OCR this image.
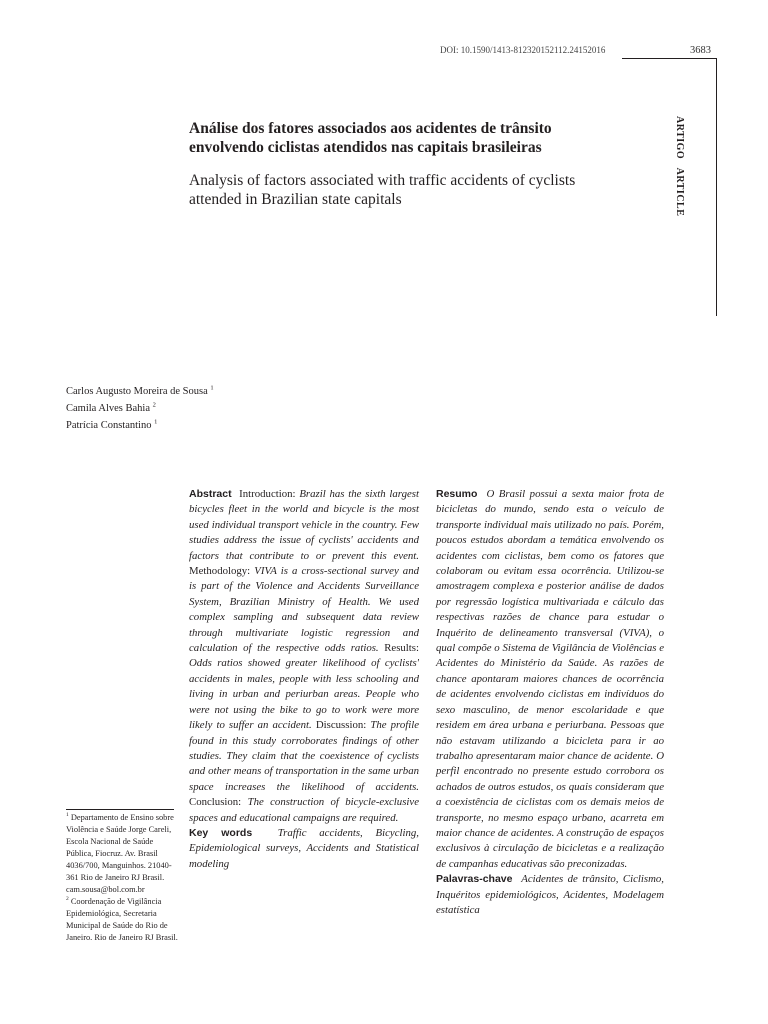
DOI: 10.1590/1413-812320152112.24152016	3683
ARTIGO ARTICLE
Análise dos fatores associados aos acidentes de trânsito envolvendo ciclistas atendidos nas capitais brasileiras
Analysis of factors associated with traffic accidents of cyclists attended in Brazilian state capitals
Carlos Augusto Moreira de Sousa $^1$
Camila Alves Bahia $^2$
Patrícia Constantino $^1$
Abstract Introduction: Brazil has the sixth largest bicycles fleet in the world and bicycle is the most used individual transport vehicle in the country. Few studies address the issue of cyclists' accidents and factors that contribute to or prevent this event. Methodology: VIVA is a cross-sectional survey and is part of the Violence and Accidents Surveillance System, Brazilian Ministry of Health. We used complex sampling and subsequent data review through multivariate logistic regression and calculation of the respective odds ratios. Results: Odds ratios showed greater likelihood of cyclists' accidents in males, people with less schooling and living in urban and periurban areas. People who were not using the bike to go to work were more likely to suffer an accident. Discussion: The profile found in this study corroborates findings of other studies. They claim that the coexistence of cyclists and other means of transportation in the same urban space increases the likelihood of accidents. Conclusion: The construction of bicycle-exclusive spaces and educational campaigns are required.
Key words Traffic accidents, Bicycling, Epidemiological surveys, Accidents and Statistical modeling
Resumo O Brasil possui a sexta maior frota de bicicletas do mundo, sendo esta o veículo de transporte individual mais utilizado no país. Porém, poucos estudos abordam a temática envolvendo os acidentes com ciclistas, bem como os fatores que colaboram ou evitam essa ocorrência. Utilizou-se amostragem complexa e posterior análise de dados por regressão logística multivariada e cálculo das respectivas razões de chance para estudar o Inquérito de delineamento transversal (VIVA), o qual compõe o Sistema de Vigilância de Violências e Acidentes do Ministério da Saúde. As razões de chance apontaram maiores chances de ocorrência de acidentes envolvendo ciclistas em indivíduos do sexo masculino, de menor escolaridade e que residem em área urbana e periurbana. Pessoas que não estavam utilizando a bicicleta para ir ao trabalho apresentaram maior chance de acidente. O perfil encontrado no presente estudo corrobora os achados de outros estudos, os quais consideram que a coexistência de ciclistas com os demais meios de transporte, no mesmo espaço urbano, acarreta em maior chance de acidentes. A construção de espaços exclusivos à circulação de bicicletas e a realização de campanhas educativas são preconizadas.
Palavras-chave Acidentes de trânsito, Ciclismo, Inquéritos epidemiológicos, Acidentes, Modelagem estatística
$^1$ Departamento de Ensino sobre Violência e Saúde Jorge Careli, Escola Nacional de Saúde Pública, Fiocruz. Av. Brasil 4036/700, Manguinhos. 21040-361 Rio de Janeiro RJ Brasil. cam.sousa@bol.com.br
$^2$ Coordenação de Vigilância Epidemiológica, Secretaria Municipal de Saúde do Rio de Janeiro. Rio de Janeiro RJ Brasil.
